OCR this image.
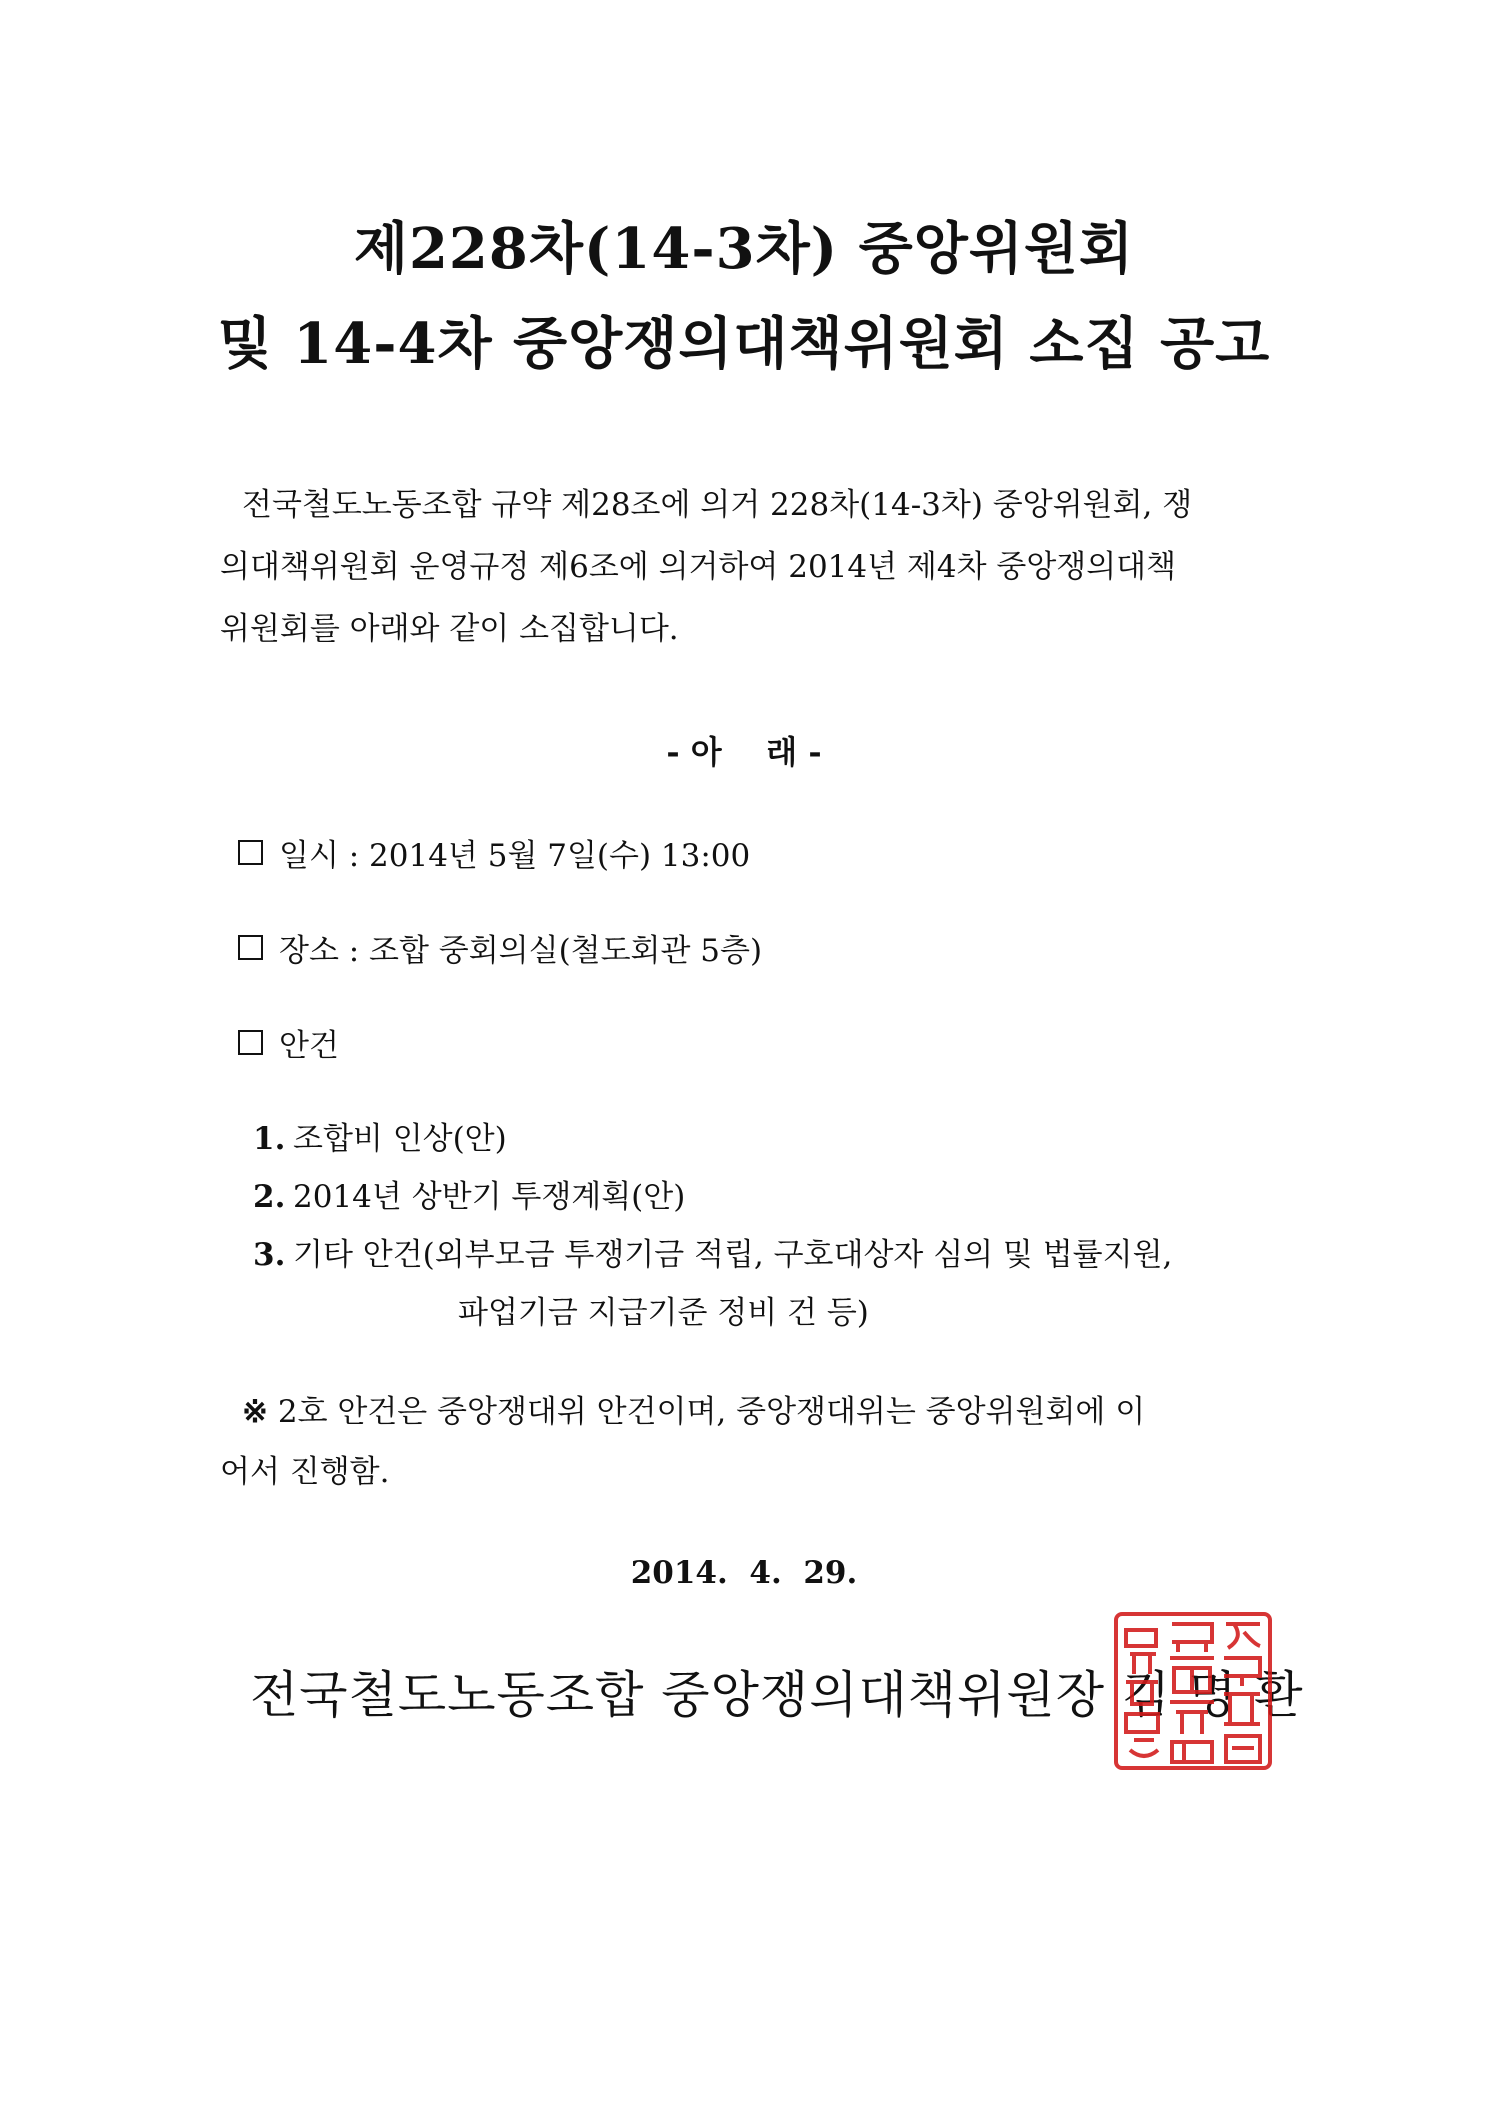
제228차(14-3차) 중앙위원회
및 14-4차 중앙쟁의대책위원회 소집 공고
전국철도노동조합 규약 제28조에 의거 228차(14-3차) 중앙위원회, 쟁
의대책위원회 운영규정 제6조에 의거하여 2014년 제4차 중앙쟁의대책
위원회를 아래와 같이 소집합니다.
- 아    래 -
일시 : 2014년 5월 7일(수) 13:00
장소 : 조합 중회의실(철도회관 5층)
안건
1. 조합비 인상(안)
2. 2014년 상반기 투쟁계획(안)
3. 기타 안건(외부모금 투쟁기금 적립, 구호대상자 심의 및 법률지원,
파업기금 지급기준 정비 건 등)
※ 2호 안건은 중앙쟁대위 안건이며, 중앙쟁대위는 중앙위원회에 이
어서 진행함.
2014.  4.  29.
전국철도노동조합 중앙쟁의대책위원장 김 명 환
